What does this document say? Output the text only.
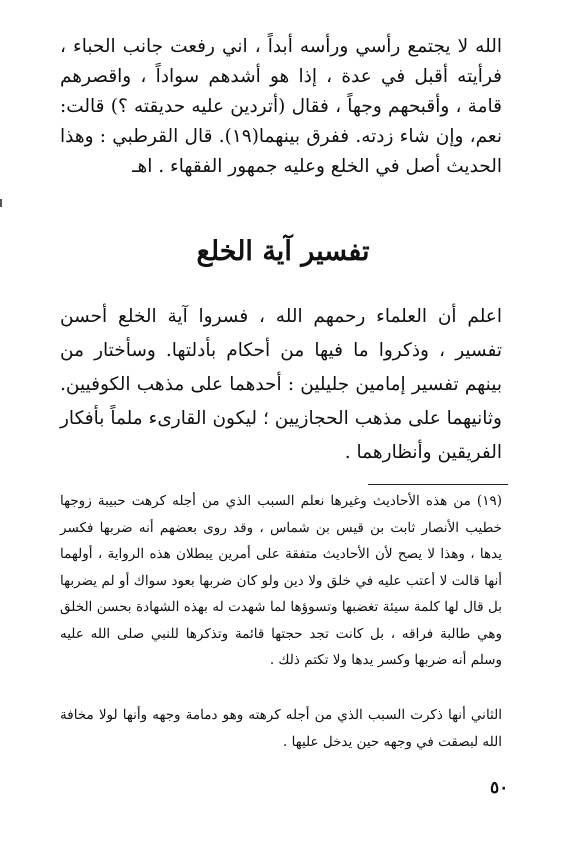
الله لا يجتمع رأسي ورأسه أبداً ، اني رفعت جانب الحباء ، فرأيته أقبل في عدة ، إذا هو أشدهم سواداً ، واقصرهم قامة ، وأقبحهم وجهاً ، فقال (أتردين عليه حديقته ؟) قالت: نعم، وإن شاء زدته. ففرق بينهما(١٩). قال القرطبي : وهذا الحديث أصل في الخلع وعليه جمهور الفقهاء . اهـ

تفسير آية الخلع

اعلم أن العلماء رحمهم الله ، فسروا آية الخلع أحسن تفسير ، وذكروا ما فيها من أحكام بأدلتها. وسأختار من بينهم تفسير إمامين جليلين : أحدهما على مذهب الكوفيين. وثانيهما على مذهب الحجازيين ؛ ليكون القارىء ملماً بأفكار الفريقين وأنظارهما .

(١٩) من هذه الأحاديث وغيرها نعلم السبب الذي من أجله كرهت حبيبة زوجها خطيب الأنصار ثابت بن قيس بن شماس ، وقد روى بعضهم أنه ضربها فكسر يدها ، وهذا لا يصح لأن الأحاديث متفقة على أمرين يبطلان هذه الرواية ، أولهما أنها قالت لا أعتب عليه في خلق ولا دين ولو كان ضربها بعود سواك أو لم يضربها بل قال لها كلمة سيئة تغضبها وتسوؤها لما شهدت له بهذه الشهادة بحسن الخلق وهي طالبة فراقه ، بل كانت تجد حجتها قائمة وتذكرها للنبي صلى الله عليه وسلم أنه ضربها وكسر يدها ولا تكتم ذلك .

الثاني أنها ذكرت السبب الذي من أجله كرهته وهو دمامة وجهه وأنها لولا مخافة الله لبصقت في وجهه حين يدخل عليها .

٥٠
